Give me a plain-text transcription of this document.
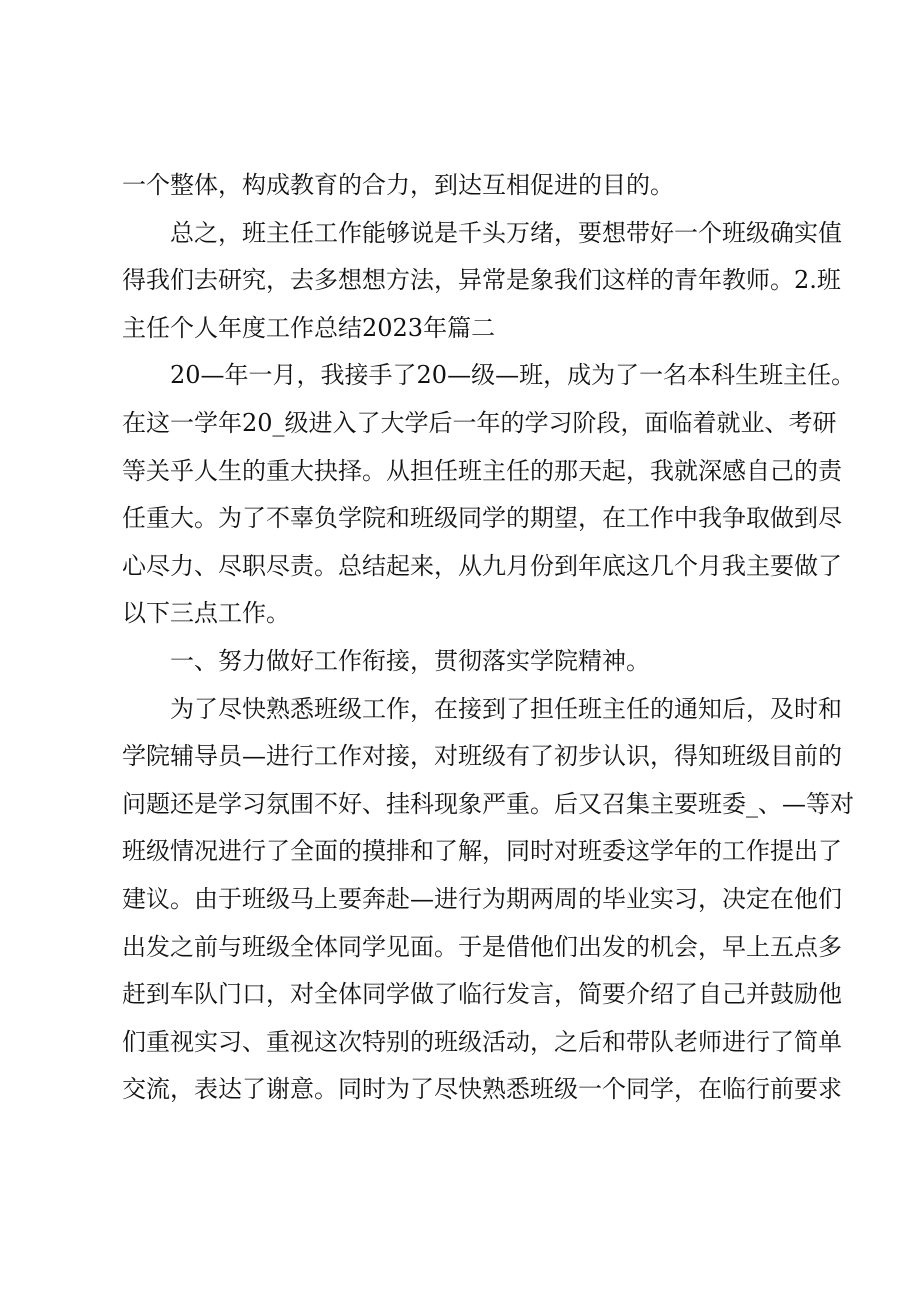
一个整体，构成教育的合力，到达互相促进的目的。
总之，班主任工作能够说是千头万绪，要想带好一个班级确实值
得我们去研究，去多想想方法，异常是象我们这样的青年教师。2.班
主任个人年度工作总结2023年篇二
20—年一月，我接手了20—级—班，成为了一名本科生班主任。
在这一学年20_级进入了大学后一年的学习阶段，面临着就业、考研
等关乎人生的重大抉择。从担任班主任的那天起，我就深感自己的责
任重大。为了不辜负学院和班级同学的期望，在工作中我争取做到尽
心尽力、尽职尽责。总结起来，从九月份到年底这几个月我主要做了
以下三点工作。
一、努力做好工作衔接，贯彻落实学院精神。
为了尽快熟悉班级工作，在接到了担任班主任的通知后，及时和
学院辅导员—进行工作对接，对班级有了初步认识，得知班级目前的
问题还是学习氛围不好、挂科现象严重。后又召集主要班委_、—等对
班级情况进行了全面的摸排和了解，同时对班委这学年的工作提出了
建议。由于班级马上要奔赴—进行为期两周的毕业实习，决定在他们
出发之前与班级全体同学见面。于是借他们出发的机会，早上五点多
赶到车队门口，对全体同学做了临行发言，简要介绍了自己并鼓励他
们重视实习、重视这次特别的班级活动，之后和带队老师进行了简单
交流，表达了谢意。同时为了尽快熟悉班级一个同学，在临行前要求
